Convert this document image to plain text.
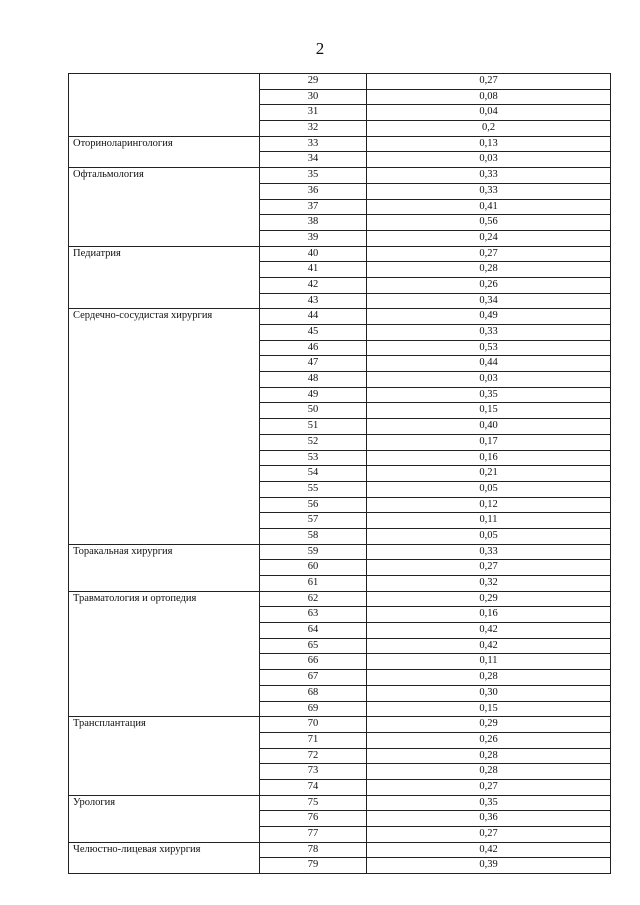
2
	29	0,27
	30	0,08
	31	0,04
	32	0,2
Оториноларингология	33	0,13
	34	0,03
Офтальмология	35	0,33
	36	0,33
	37	0,41
	38	0,56
	39	0,24
Педиатрия	40	0,27
	41	0,28
	42	0,26
	43	0,34
Сердечно-сосудистая хирургия	44	0,49
	45	0,33
	46	0,53
	47	0,44
	48	0,03
	49	0,35
	50	0,15
	51	0,40
	52	0,17
	53	0,16
	54	0,21
	55	0,05
	56	0,12
	57	0,11
	58	0,05
Торакальная хирургия	59	0,33
	60	0,27
	61	0,32
Травматология и ортопедия	62	0,29
	63	0,16
	64	0,42
	65	0,42
	66	0,11
	67	0,28
	68	0,30
	69	0,15
Трансплантация	70	0,29
	71	0,26
	72	0,28
	73	0,28
	74	0,27
Урология	75	0,35
	76	0,36
	77	0,27
Челюстно-лицевая хирургия	78	0,42
	79	0,39
